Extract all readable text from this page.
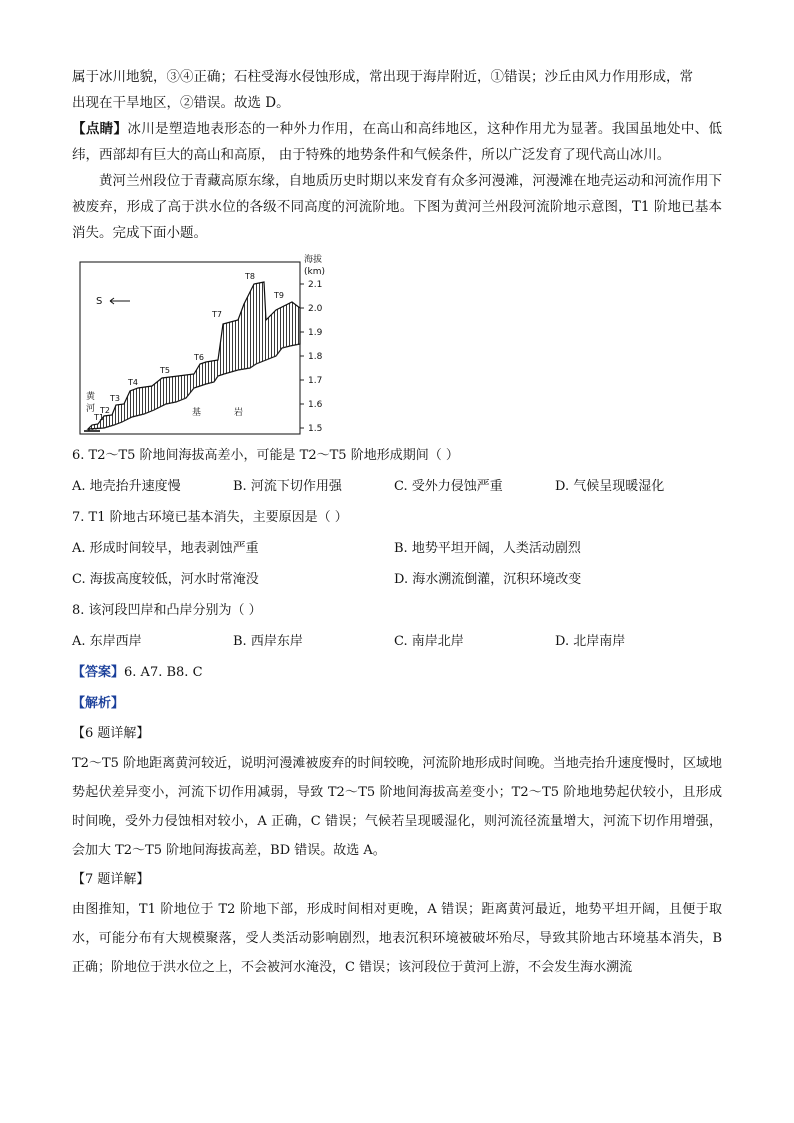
属于冰川地貌，③④正确；石柱受海水侵蚀形成，常出现于海岸附近，①错误；沙丘由风力作用形成，常
出现在干旱地区，②错误。故选 D。
【点睛】冰川是塑造地表形态的一种外力作用，在高山和高纬地区，这种作用尤为显著。我国虽地处中、低纬，西部却有巨大的高山和高原， 由于特殊的地势条件和气候条件，所以广泛发育了现代高山冰川。
黄河兰州段位于青藏高原东缘，自地质历史时期以来发育有众多河漫滩，河漫滩在地壳运动和河流作用下被废弃，形成了高于洪水位的各级不同高度的河流阶地。下图为黄河兰州段河流阶地示意图，T1 阶地已基本消失。完成下面小题。
海拔
(km)
2.1
2.0
1.9
1.8
1.7
1.6
1.5
S
黄
河
T1
T2
T3
T4
T5
T6
T7
T8
T9
基	岩
6. T2～T5 阶地间海拔高差小，可能是 T2～T5 阶地形成期间（ ）
A. 地壳抬升速度慢	B. 河流下切作用强	C. 受外力侵蚀严重	D. 气候呈现暖湿化
7. T1 阶地古环境已基本消失，主要原因是（ ）
A. 形成时间较早，地表剥蚀严重	B. 地势平坦开阔，人类活动剧烈
C. 海拔高度较低，河水时常淹没	D. 海水溯流倒灌，沉积环境改变
8. 该河段凹岸和凸岸分别为（ ）
A. 东岸西岸	B. 西岸东岸	C. 南岸北岸	D. 北岸南岸
【答案】6. A7. B8. C
【解析】
【6 题详解】
T2～T5 阶地距离黄河较近，说明河漫滩被废弃的时间较晚，河流阶地形成时间晚。当地壳抬升速度慢时，区域地势起伏差异变小，河流下切作用减弱，导致 T2～T5 阶地间海拔高差变小；T2～T5 阶地地势起伏较小，且形成时间晚，受外力侵蚀相对较小，A 正确，C 错误；气候若呈现暖湿化，则河流径流量增大，河流下切作用增强，会加大 T2～T5 阶地间海拔高差，BD 错误。故选 A。
【7 题详解】
由图推知，T1 阶地位于 T2 阶地下部，形成时间相对更晚，A 错误；距离黄河最近，地势平坦开阔，且便于取水，可能分布有大规模聚落，受人类活动影响剧烈，地表沉积环境被破坏殆尽，导致其阶地古环境基本消失，B 正确；阶地位于洪水位之上，不会被河水淹没，C 错误；该河段位于黄河上游，不会发生海水溯流
